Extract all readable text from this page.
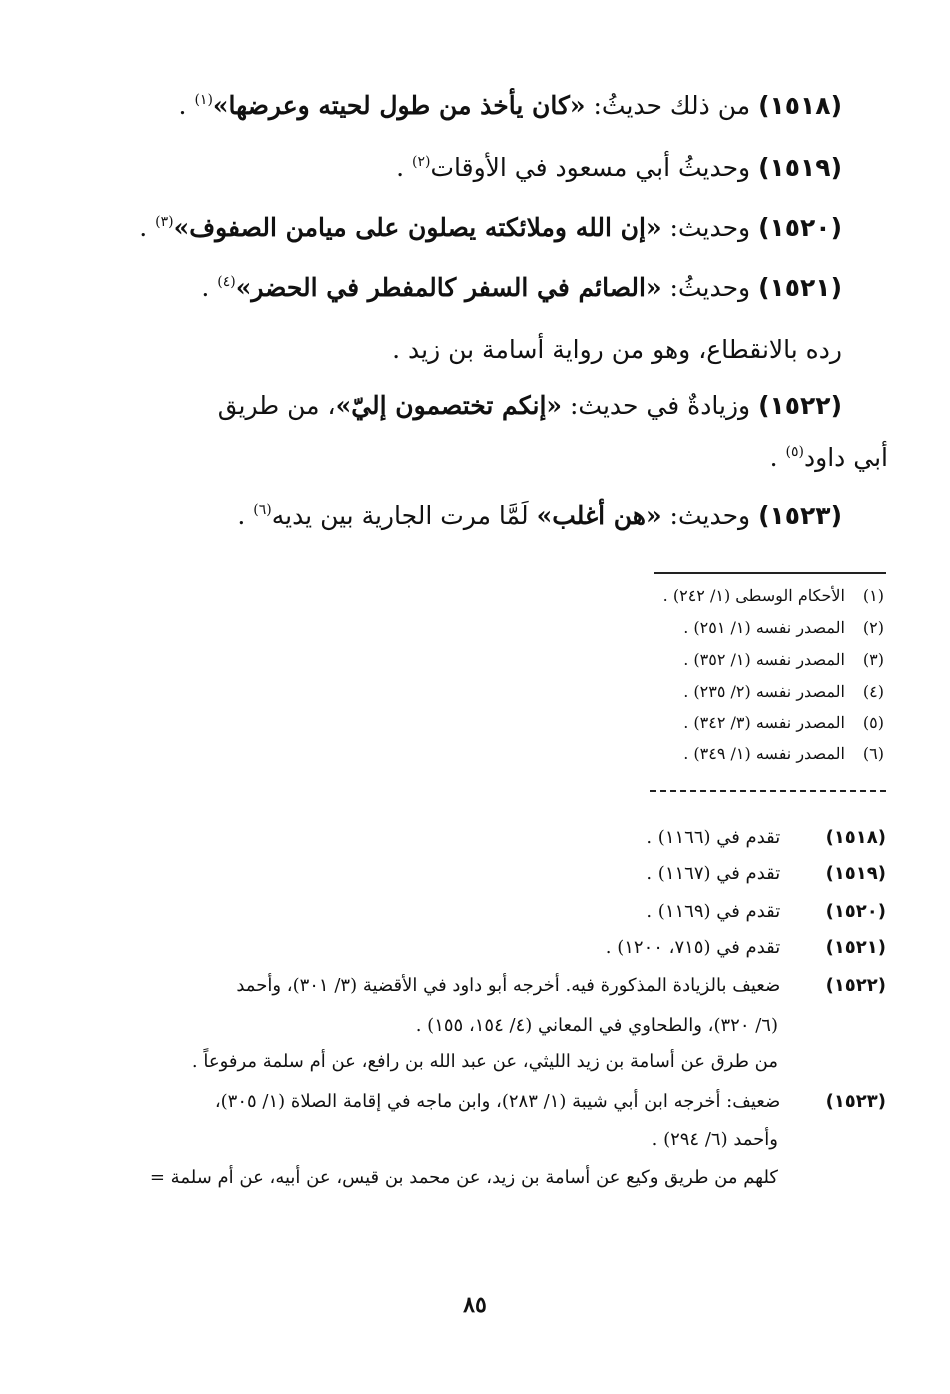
(١٥١٨) من ذلك حديثُ: «كان يأخذ من طول لحيته وعرضها»$^{(١)}$ .
(١٥١٩) وحديثُ أبي مسعود في الأوقات$^{(٢)}$ .
(١٥٢٠) وحديث: «إن الله وملائكته يصلون على ميامن الصفوف»$^{(٣)}$ .
(١٥٢١) وحديثُ: «الصائم في السفر كالمفطر في الحضر»$^{(٤)}$ .
رده بالانقطاع، وهو من رواية أسامة بن زيد .
(١٥٢٢) وزيادةٌ في حديث: «إنكم تختصمون إليّ»، من طريق
أبي داود$^{(٥)}$ .
(١٥٢٣) وحديث: «هن أغلب» لَمَّا مرت الجارية بين يديه$^{(٦)}$ .
(١) الأحكام الوسطى (١/ ٢٤٢) .
(٢) المصدر نفسه (١/ ٢٥١) .
(٣) المصدر نفسه (١/ ٣٥٢) .
(٤) المصدر نفسه (٢/ ٢٣٥) .
(٥) المصدر نفسه (٣/ ٣٤٢) .
(٦) المصدر نفسه (١/ ٣٤٩) .
(١٥١٨) تقدم في (١١٦٦) .
(١٥١٩) تقدم في (١١٦٧) .
(١٥٢٠) تقدم في (١١٦٩) .
(١٥٢١) تقدم في (٧١٥، ١٢٠٠) .
(١٥٢٢) ضعيف بالزيادة المذكورة فيه. أخرجه أبو داود في الأقضية (٣/ ٣٠١)، وأحمد
(٦/ ٣٢٠)، والطحاوي في المعاني (٤/ ١٥٤، ١٥٥) .
من طرق عن أسامة بن زيد الليثي، عن عبد الله بن رافع، عن أم سلمة مرفوعاً .
(١٥٢٣) ضعيف: أخرجه ابن أبي شيبة (١/ ٢٨٣)، وابن ماجه في إقامة الصلاة (١/ ٣٠٥)،
وأحمد (٦/ ٢٩٤) .
كلهم من طريق وكيع عن أسامة بن زيد، عن محمد بن قيس، عن أبيه، عن أم سلمة =
٨٥
